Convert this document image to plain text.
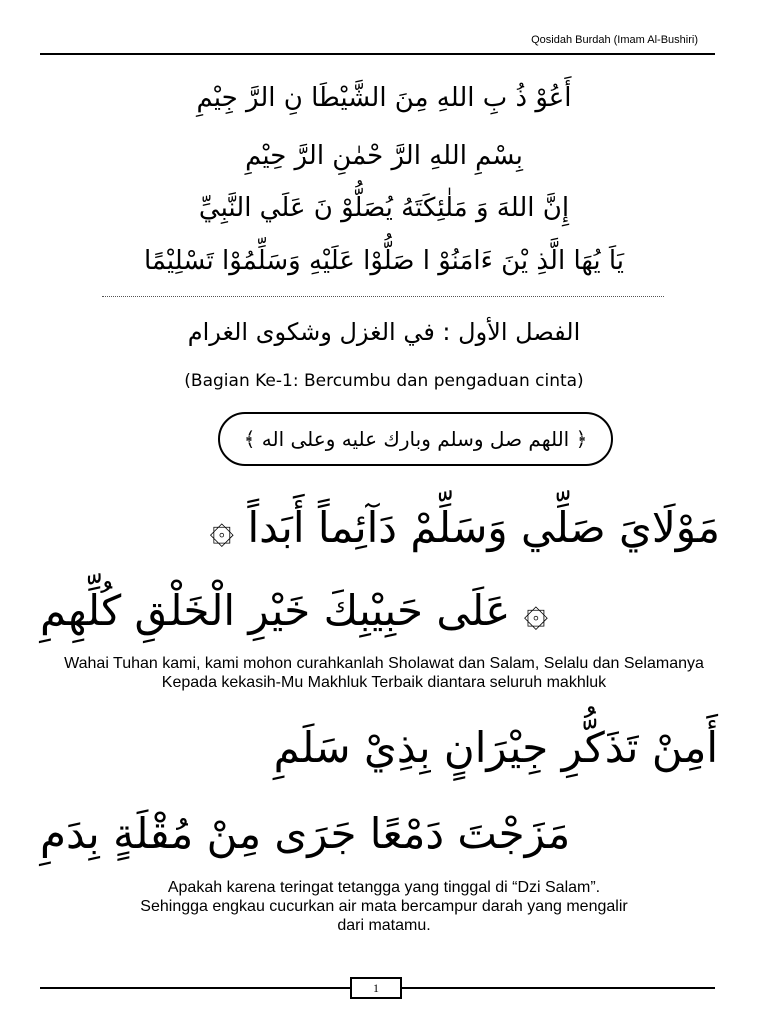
Qosidah Burdah (Imam Al-Bushiri)
أَعُوْ ذُ بِ اللهِ مِنَ الشَّيْطَا نِ الرَّ جِيْمِ
بِسْمِ اللهِ الرَّ حْمٰنِ الرَّ حِيْمِ
إِنَّ اللهَ وَ مَلٰئِكَتَهُ يُصَلُّوْ نَ عَلَي النَّبِيِّ
يَاَ يُهَا الَّذِ يْنَ ءَامَنُوْ ا صَلُّوْا عَلَيْهِ وَسَلِّمُوْا تَسْلِيْمًا
الفصل الأول : في الغزل وشكوى الغرام
(Bagian Ke-1: Bercumbu dan pengaduan cinta)
﴿ اللهم صل وسلم وبارك عليه وعلى اله ﴾
مَوْلَايَ صَلِّي وَسَلِّمْ دَآئِماً أَبَداً ۞
۞ عَلَى حَبِيْبِكَ خَيْرِ الْخَلْقِ كُلِّهِمِ
Wahai Tuhan kami, kami mohon curahkanlah Sholawat dan Salam, Selalu dan Selamanya Kepada kekasih-Mu Makhluk Terbaik diantara seluruh makhluk
أَمِنْ تَذَكُّرِ جِيْرَانٍ بِذِيْ سَلَمِ
مَزَجْتَ دَمْعًا جَرَى مِنْ مُقْلَةٍ بِدَمِ
Apakah karena teringat tetangga yang tinggal di “Dzi Salam”.
Sehingga engkau cucurkan air mata bercampur darah yang mengalir dari matamu.
1
